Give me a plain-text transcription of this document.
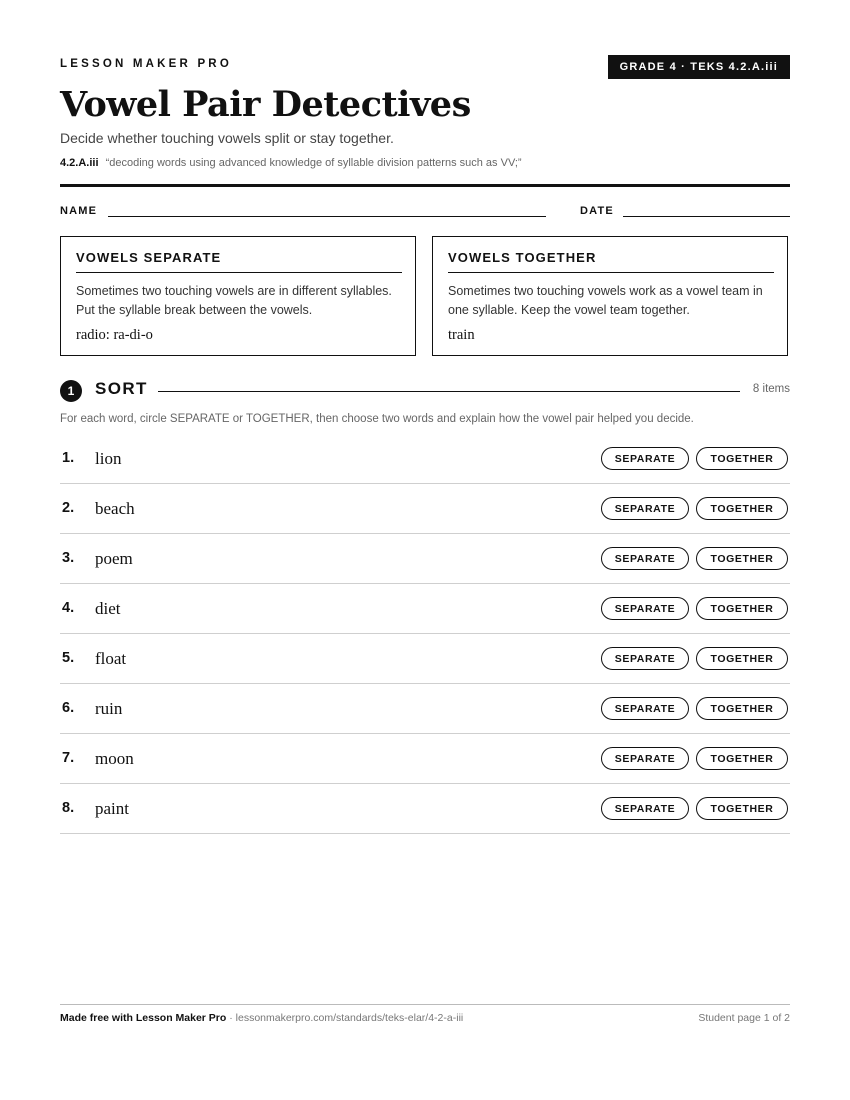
LESSON MAKER PRO	GRADE 4 · TEKS 4.2.A.iii
Vowel Pair Detectives
Decide whether touching vowels split or stay together.
4.2.A.iii “decoding words using advanced knowledge of syllable division patterns such as VV;”
NAME	DATE
VOWELS SEPARATE
Sometimes two touching vowels are in different syllables. Put the syllable break between the vowels.
radio: ra-di-o
VOWELS TOGETHER
Sometimes two touching vowels work as a vowel team in one syllable. Keep the vowel team together.
train
1	SORT	8 items
For each word, circle SEPARATE or TOGETHER, then choose two words and explain how the vowel pair helped you decide.
1. lion	SEPARATE	TOGETHER
2. beach	SEPARATE	TOGETHER
3. poem	SEPARATE	TOGETHER
4. diet	SEPARATE	TOGETHER
5. float	SEPARATE	TOGETHER
6. ruin	SEPARATE	TOGETHER
7. moon	SEPARATE	TOGETHER
8. paint	SEPARATE	TOGETHER
Made free with Lesson Maker Pro · lessonmakerpro.com/standards/teks-elar/4-2-a-iii	Student page 1 of 2
